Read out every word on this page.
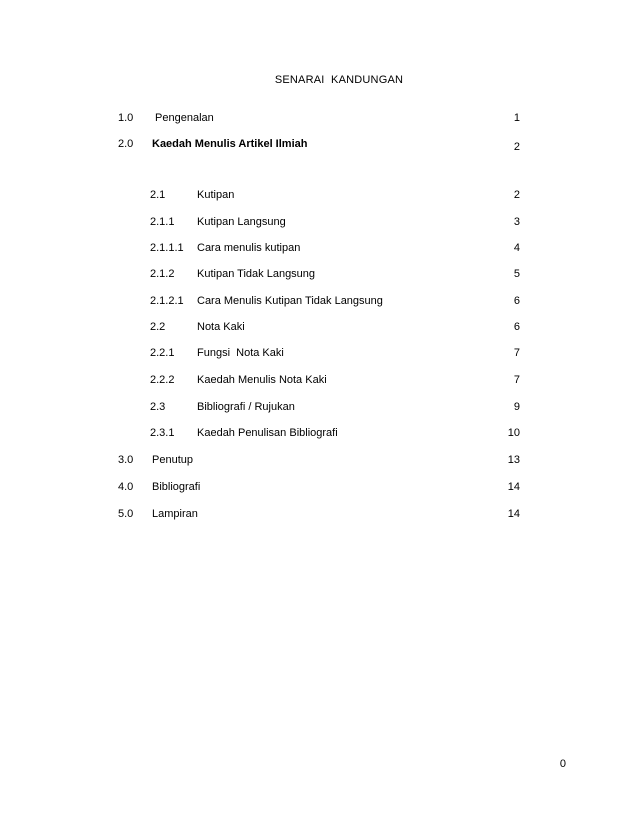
SENARAI  KANDUNGAN
1.0 Pengenalan	1
2.0 Kaedah Menulis Artikel Ilmiah	2
2.1	Kutipan	2
2.1.1 Kutipan Langsung	3
2.1.1.1 Cara menulis kutipan	4
2.1.2 Kutipan Tidak Langsung	5
2.1.2.1 Cara Menulis Kutipan Tidak Langsung	6
2.2	Nota Kaki	6
2.2.1 Fungsi  Nota Kaki	7
2.2.2 Kaedah Menulis Nota Kaki	7
2.3	Bibliografi / Rujukan	9
2.3.1 Kaedah Penulisan Bibliografi	10
3.0 Penutup	13
4.0 Bibliografi	14
5.0 Lampiran	14
0
